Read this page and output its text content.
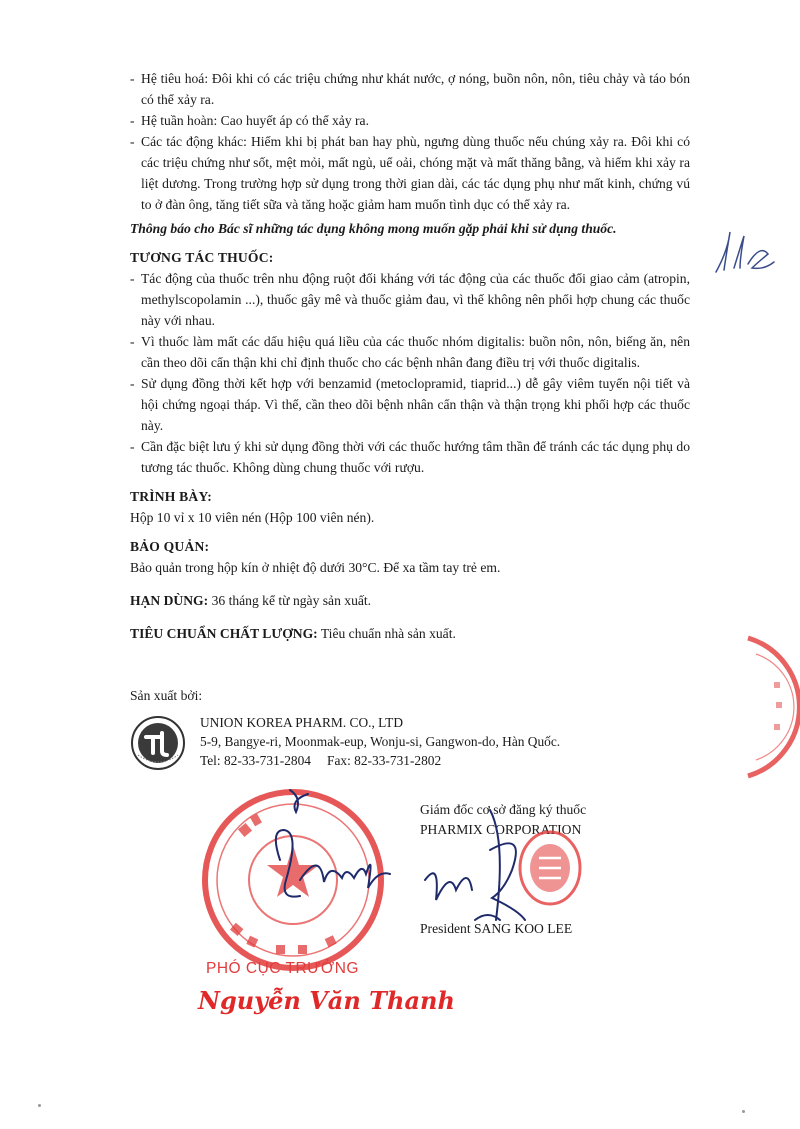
- Hệ tiêu hoá: Đôi khi có các triệu chứng như khát nước, ợ nóng, buồn nôn, nôn, tiêu chảy và táo bón có thể xảy ra.

- Hệ tuần hoàn: Cao huyết áp có thể xảy ra.

- Các tác động khác: Hiếm khi bị phát ban hay phù, ngưng dùng thuốc nếu chúng xảy ra. Đôi khi có các triệu chứng như sốt, mệt mỏi, mất ngủ, uể oải, chóng mặt và mất thăng bằng, và hiếm khi xảy ra liệt dương. Trong trường hợp sử dụng trong thời gian dài, các tác dụng phụ như mất kinh, chứng vú to ở đàn ông, tăng tiết sữa và tăng hoặc giảm ham muốn tình dục có thể xảy ra.

Thông báo cho Bác sĩ những tác dụng không mong muốn gặp phải khi sử dụng thuốc.

TƯƠNG TÁC THUỐC:

- Tác động của thuốc trên nhu động ruột đối kháng với tác động của các thuốc đối giao cảm (atropin, methylscopolamin ...), thuốc gây mê và thuốc giảm đau, vì thế không nên phối hợp chung các thuốc này với nhau.

- Vì thuốc làm mất các dấu hiệu quá liều của các thuốc nhóm digitalis: buồn nôn, nôn, biếng ăn, nên cần theo dõi cẩn thận khi chỉ định thuốc cho các bệnh nhân đang điều trị với thuốc digitalis.

- Sử dụng đồng thời kết hợp với benzamid (metoclopramid, tiaprid...) dễ gây viêm tuyến nội tiết và hội chứng ngoại tháp. Vì thế, cần theo dõi bệnh nhân cẩn thận và thận trọng khi phối hợp các thuốc này.

- Cần đặc biệt lưu ý khi sử dụng đồng thời với các thuốc hướng tâm thần để tránh các tác dụng phụ do tương tác thuốc. Không dùng chung thuốc với rượu.

TRÌNH BÀY:

Hộp 10 vỉ x 10 viên nén (Hộp 100 viên nén).

BẢO QUẢN:

Bảo quản trong hộp kín ở nhiệt độ dưới 30°C. Để xa tầm tay trẻ em.

HẠN DÙNG: 36 tháng kể từ ngày sản xuất.

TIÊU CHUẨN CHẤT LƯỢNG: Tiêu chuẩn nhà sản xuất.

Sản xuất bởi:
UNION KOREA PHARM. CO., LTD
5-9, Bangye-ri, Moonmak-eup, Wonju-si, Gangwon-do, Hàn Quốc.
Tel: 82-33-731-2804 Fax: 82-33-731-2802
Giám đốc cơ sở đăng ký thuốc
PHARMIX CORPORATION
President SANG KOO LEE
PHÓ CỤC TRƯỞNG
Nguyễn Văn Thanh
